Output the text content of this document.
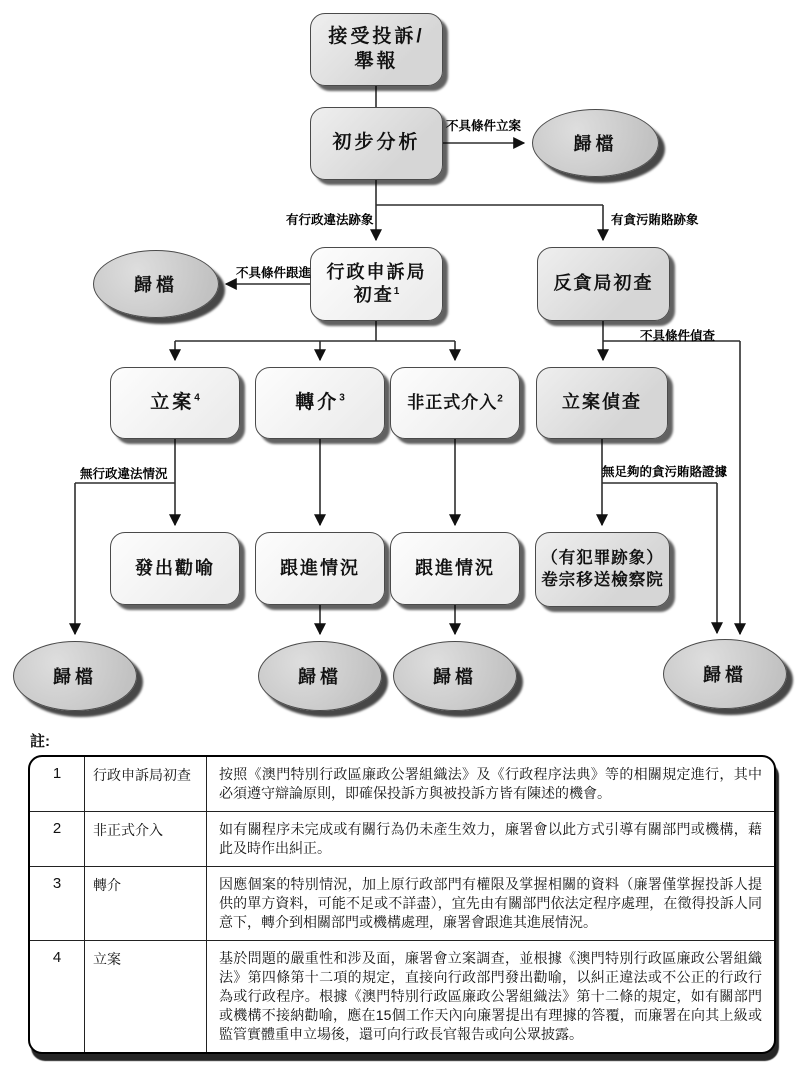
接受投訴/
舉報
初步分析	歸檔
行政申訴局
初查$^1$
歸檔	反貪局初查
立案$^4$	轉介$^3$	非正式介入$^2$	立案偵查
發出勸喻	跟進情況	跟進情況	（有犯罪跡象）
卷宗移送檢察院
歸檔	歸檔	歸檔	歸檔
不具條件立案
有行政違法跡象	有貪污賄賂跡象
不具條件跟進
不具條件偵查
無行政違法情況	無足夠的貪污賄賂證據
註:
1	行政申訴局初查	按照《澳門特別行政區廉政公署組織法》及《行政程序法典》等的相關規定進行，其中必須遵守辯論原則，即確保投訴方與被投訴方皆有陳述的機會。
2	非正式介入	如有關程序未完成或有關行為仍未產生效力，廉署會以此方式引導有關部門或機構，藉此及時作出糾正。
3	轉介	因應個案的特別情況，加上原行政部門有權限及掌握相關的資料（廉署僅掌握投訴人提供的單方資料，可能不足或不詳盡），宜先由有關部門依法定程序處理，在徵得投訴人同意下，轉介到相關部門或機構處理，廉署會跟進其進展情況。
4	立案	基於問題的嚴重性和涉及面，廉署會立案調查，並根據《澳門特別行政區廉政公署組織法》第四條第十二項的規定，直接向行政部門發出勸喻，以糾正違法或不公正的行政行為或行政程序。根據《澳門特別行政區廉政公署組織法》第十二條的規定，如有關部門或機構不接納勸喻，應在15個工作天內向廉署提出有理據的答覆，而廉署在向其上級或監管實體重申立場後，還可向行政長官報告或向公眾披露。
